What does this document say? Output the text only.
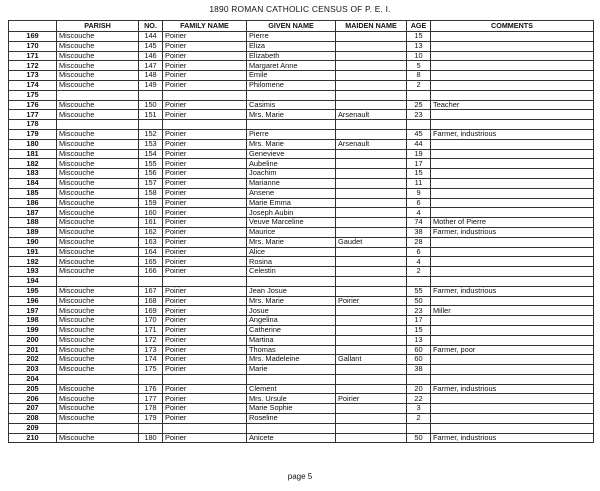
1890 ROMAN CATHOLIC CENSUS OF P. E. I.
	PARISH	NO.	FAMILY NAME	GIVEN NAME	MAIDEN NAME	AGE	COMMENTS
169	Miscouche	144	Poirier	Pierre		15	
170	Miscouche	145	Poirier	Eliza		13	
171	Miscouche	146	Poirier	Elizabeth		10	
172	Miscouche	147	Poirier	Margaret Anne		5	
173	Miscouche	148	Poirier	Emile		8	
174	Miscouche	149	Poirier	Philomene		2	
175							
176	Miscouche	150	Poirier	Casimis		25	Teacher
177	Miscouche	151	Poirier	Mrs. Marie	Arsenault	23	
178							
179	Miscouche	152	Poirier	Pierre		45	Farmer, industrious
180	Miscouche	153	Poirier	Mrs. Marie	Arsenault	44	
181	Miscouche	154	Poirier	Genevieve		19	
182	Miscouche	155	Poirier	Aubeline		17	
183	Miscouche	156	Poirier	Joachim		15	
184	Miscouche	157	Poirier	Marianne		11	
185	Miscouche	158	Poirier	Ansene		9	
186	Miscouche	159	Poirier	Marie Emma		6	
187	Miscouche	160	Poirier	Joseph Aubin		4	
188	Miscouche	161	Poirier	Veuve Marceline		74	Mother of Pierre
189	Miscouche	162	Poirier	Maurice		38	Farmer, industrious
190	Miscouche	163	Poirier	Mrs. Marie	Gaudet	28	
191	Miscouche	164	Poirier	Alice		6	
192	Miscouche	165	Poirier	Rosina		4	
193	Miscouche	166	Poirier	Celestin		2	
194							
195	Miscouche	167	Poirier	Jean Josue		55	Farmer, industrious
196	Miscouche	168	Poirier	Mrs. Marie	Poirier	50	
197	Miscouche	169	Poirier	Josue		23	Miller
198	Miscouche	170	Poirier	Angelina		17	
199	Miscouche	171	Poirier	Catherine		15	
200	Miscouche	172	Poirier	Martina		13	
201	Miscouche	173	Poirier	Thomas		60	Farmer, poor
202	Miscouche	174	Poirier	Mrs. Madeleine	Gallant	60	
203	Miscouche	175	Poirier	Marie		38	
204							
205	Miscouche	176	Poirier	Clement		20	Farmer, industrious
206	Miscouche	177	Poirier	Mrs. Ursule	Poirier	22	
207	Miscouche	178	Poirier	Marie Sophie		3	
208	Miscouche	179	Poirier	Roseline		2	
209							
210	Miscouche	180	Poirier	Anicete		50	Farmer, industrious
page 5
